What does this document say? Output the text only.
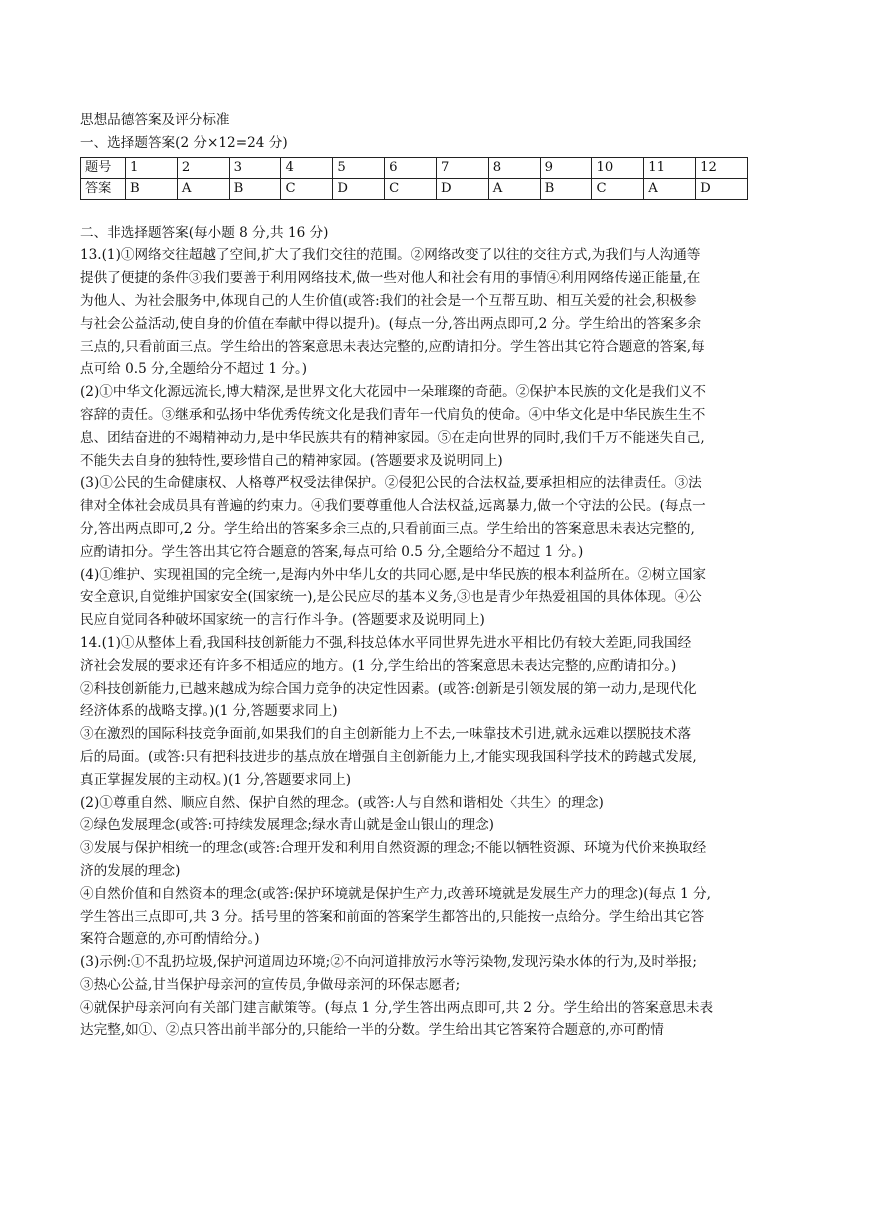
思想品德答案及评分标准
一、选择题答案(2 分×12=24 分)
题号	1	2	3	4	5	6	7	8	9	10	11	12
答案	B	A	B	C	D	C	D	A	B	C	A	D
二、非选择题答案(每小题 8 分,共 16 分)
13.(1)①网络交往超越了空间,扩大了我们交往的范围。②网络改变了以往的交往方式,为我们与人沟通等
提供了便捷的条件③我们要善于利用网络技术,做一些对他人和社会有用的事情④利用网络传递正能量,在
为他人、为社会服务中,体现自己的人生价值(或答:我们的社会是一个互帮互助、相互关爱的社会,积极参
与社会公益活动,使自身的价值在奉献中得以提升)。(每点一分,答出两点即可,2 分。学生给出的答案多余
三点的,只看前面三点。学生给出的答案意思未表达完整的,应酌请扣分。学生答出其它符合题意的答案,每
点可给 0.5 分,全题给分不超过 1 分。)
(2)①中华文化源远流长,博大精深,是世界文化大花园中一朵璀璨的奇葩。②保护本民族的文化是我们义不
容辞的责任。③继承和弘扬中华优秀传统文化是我们青年一代肩负的使命。④中华文化是中华民族生生不
息、团结奋进的不竭精神动力,是中华民族共有的精神家园。⑤在走向世界的同时,我们千万不能迷失自己,
不能失去自身的独特性,要珍惜自己的精神家园。(答题要求及说明同上)
(3)①公民的生命健康权、人格尊严权受法律保护。②侵犯公民的合法权益,要承担相应的法律责任。③法
律对全体社会成员具有普遍的约束力。④我们要尊重他人合法权益,远离暴力,做一个守法的公民。(每点一
分,答出两点即可,2 分。学生给出的答案多余三点的,只看前面三点。学生给出的答案意思未表达完整的,
应酌请扣分。学生答出其它符合题意的答案,每点可给 0.5 分,全题给分不超过 1 分。)
(4)①维护、实现祖国的完全统一,是海内外中华儿女的共同心愿,是中华民族的根本利益所在。②树立国家
安全意识,自觉维护国家安全(国家统一),是公民应尽的基本义务,③也是青少年热爱祖国的具体体现。④公
民应自觉同各种破坏国家统一的言行作斗争。(答题要求及说明同上)
14.(1)①从整体上看,我国科技创新能力不强,科技总体水平同世界先进水平相比仍有较大差距,同我国经
济社会发展的要求还有许多不相适应的地方。(1 分,学生给出的答案意思未表达完整的,应酌请扣分。)
②科技创新能力,已越来越成为综合国力竞争的决定性因素。(或答:创新是引领发展的第一动力,是现代化
经济体系的战略支撑。)(1 分,答题要求同上)
③在激烈的国际科技竞争面前,如果我们的自主创新能力上不去,一味靠技术引进,就永远难以摆脱技术落
后的局面。(或答:只有把科技进步的基点放在增强自主创新能力上,才能实现我国科学技术的跨越式发展,
真正掌握发展的主动权。)(1 分,答题要求同上)
(2)①尊重自然、顺应自然、保护自然的理念。(或答:人与自然和谐相处〈共生〉的理念)
②绿色发展理念(或答:可持续发展理念;绿水青山就是金山银山的理念)
③发展与保护相统一的理念(或答:合理开发和利用自然资源的理念;不能以牺牲资源、环境为代价来换取经
济的发展的理念)
④自然价值和自然资本的理念(或答:保护环境就是保护生产力,改善环境就是发展生产力的理念)(每点 1 分,
学生答出三点即可,共 3 分。括号里的答案和前面的答案学生都答出的,只能按一点给分。学生给出其它答
案符合题意的,亦可酌情给分。)
(3)示例:①不乱扔垃圾,保护河道周边环境;②不向河道排放污水等污染物,发现污染水体的行为,及时举报;
③热心公益,甘当保护母亲河的宣传员,争做母亲河的环保志愿者;
④就保护母亲河向有关部门建言献策等。(每点 1 分,学生答出两点即可,共 2 分。学生给出的答案意思未表
达完整,如①、②点只答出前半部分的,只能给一半的分数。学生给出其它答案符合题意的,亦可酌情
